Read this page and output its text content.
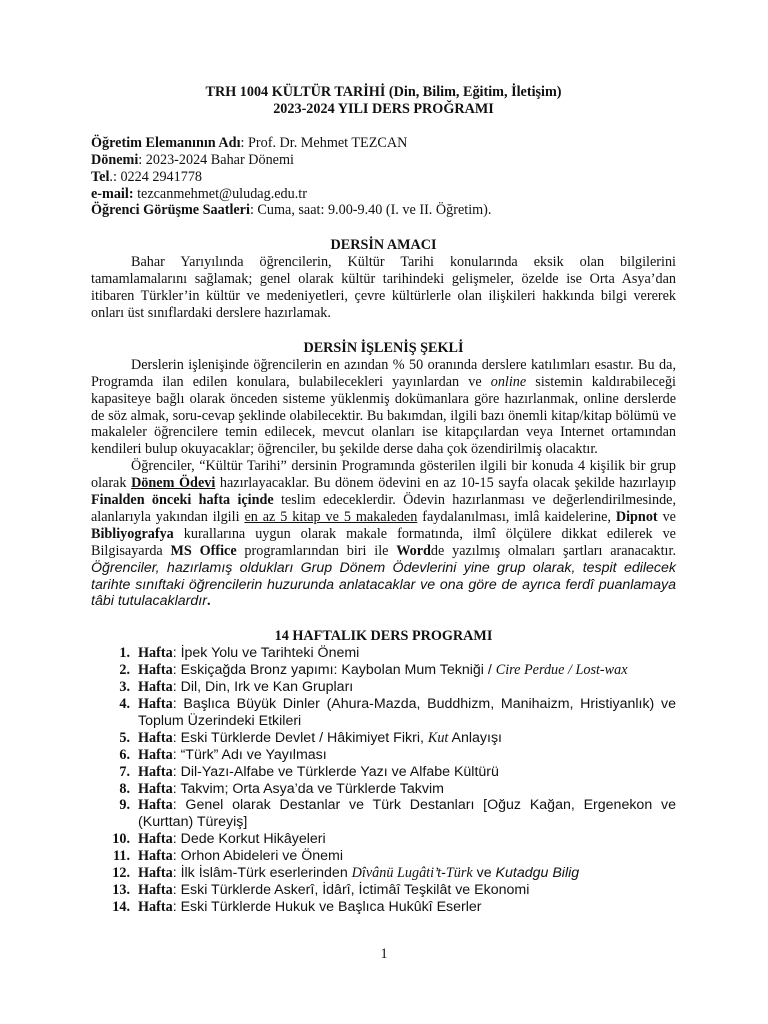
TRH 1004 KÜLTÜR TARİHİ (Din, Bilim, Eğitim, İletişim)
2023-2024 YILI DERS PROĞRAMI
Öğretim Elemanının Adı: Prof. Dr. Mehmet TEZCAN
Dönemi: 2023-2024 Bahar Dönemi
Tel.: 0224 2941778
e-mail: tezcanmehmet@uludag.edu.tr
Öğrenci Görüşme Saatleri: Cuma, saat: 9.00-9.40 (I. ve II. Öğretim).
DERSİN AMACI

Bahar Yarıyılında öğrencilerin, Kültür Tarihi konularında eksik olan bilgilerini tamamlamalarını sağlamak; genel olarak kültür tarihindeki gelişmeler, özelde ise Orta Asya’dan itibaren Türkler’in kültür ve medeniyetleri, çevre kültürlerle olan ilişkileri hakkında bilgi vererek onları üst sınıflardaki derslere hazırlamak.

DERSİN İŞLENİŞ ŞEKLİ

Derslerin işlenişinde öğrencilerin en azından % 50 oranında derslere katılımları esastır. Bu da, Programda ilan edilen konulara, bulabilecekleri yayınlardan ve online sistemin kaldırabileceği kapasiteye bağlı olarak önceden sisteme yüklenmiş dokümanlara göre hazırlanmak, online derslerde de söz almak, soru-cevap şeklinde olabilecektir. Bu bakımdan, ilgili bazı önemli kitap/kitap bölümü ve makaleler öğrencilere temin edilecek, mevcut olanları ise kitapçılardan veya Internet ortamından kendileri bulup okuyacaklar; öğrenciler, bu şekilde derse daha çok özendirilmiş olacaktır.

Öğrenciler, “Kültür Tarihi” dersinin Programında gösterilen ilgili bir konuda 4 kişilik bir grup olarak Dönem Ödevi hazırlayacaklar. Bu dönem ödevini en az 10-15 sayfa olacak şekilde hazırlayıp Finalden önceki hafta içinde teslim edeceklerdir. Ödevin hazırlanması ve değerlendirilmesinde, alanlarıyla yakından ilgili en az 5 kitap ve 5 makaleden faydalanılması, imlâ kaidelerine, Dipnot ve Bibliyografya kurallarına uygun olarak makale formatında, ilmî ölçülere dikkat edilerek ve Bilgisayarda MS Office programlarından biri ile Wordde yazılmış olmaları şartları aranacaktır. Öğrenciler, hazırlamış oldukları Grup Dönem Ödevlerini yine grup olarak, tespit edilecek tarihte sınıftaki öğrencilerin huzurunda anlatacaklar ve ona göre de ayrıca ferdî puanlamaya tâbi tutulacaklardır.

14 HAFTALIK DERS PROGRAMI
1. Hafta: İpek Yolu ve Tarihteki Önemi
2. Hafta: Eskiçağda Bronz yapımı: Kaybolan Mum Tekniği / Cire Perdue / Lost-wax
3. Hafta: Dil, Din, Irk ve Kan Grupları
4. Hafta: Başlıca Büyük Dinler (Ahura-Mazda, Buddhizm, Manihaizm, Hristiyanlık) ve Toplum Üzerindeki Etkileri
5. Hafta: Eski Türklerde Devlet / Hâkimiyet Fikri, Kut Anlayışı
6. Hafta: “Türk” Adı ve Yayılması
7. Hafta: Dil-Yazı-Alfabe ve Türklerde Yazı ve Alfabe Kültürü
8. Hafta: Takvim; Orta Asya’da ve Türklerde Takvim
9. Hafta: Genel olarak Destanlar ve Türk Destanları [Oğuz Kağan, Ergenekon ve (Kurttan) Türeyiş]
10. Hafta: Dede Korkut Hikâyeleri
11. Hafta: Orhon Abideleri ve Önemi
12. Hafta: İlk İslâm-Türk eserlerinden Dîvânü Lugâti’t-Türk ve Kutadgu Bilig
13. Hafta: Eski Türklerde Askerî, İdârî, İctimâî Teşkilât ve Ekonomi
14. Hafta: Eski Türklerde Hukuk ve Başlıca Hukûkî Eserler
1
